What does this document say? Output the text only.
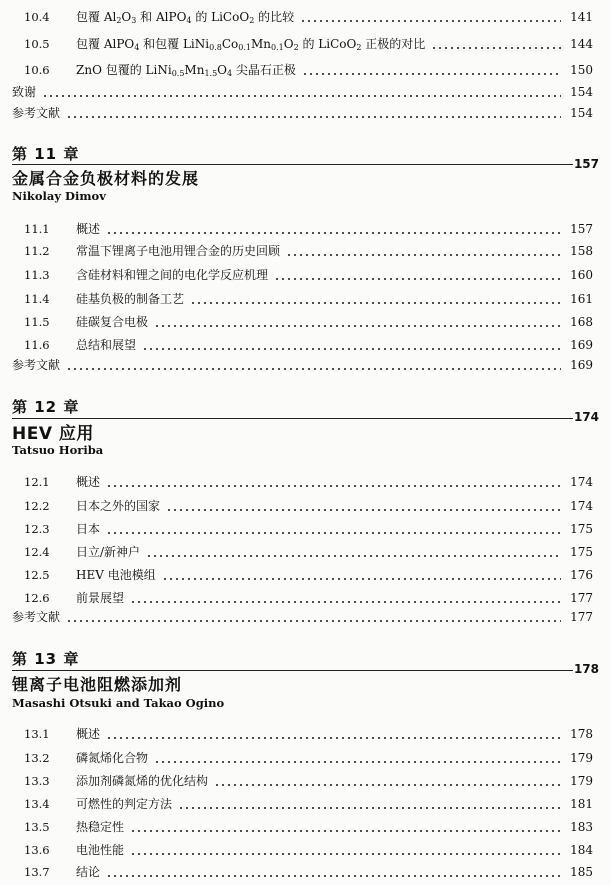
10.4	包覆 $Al_2O_3$ 和 AlPO$_4$ 的 LiCoO$_2$ 的比较	141
10.5	包覆 AlPO$_4$ 和包覆 $LiNi_{0.8}Co_{0.1}Mn_{0.1}O_2$ 的 LiCoO$_2$ 正极的对比	144
10.6	ZnO 包覆的 $LiNi_{0.5}Mn_{1.5}O_4$ 尖晶石正极	150
致谢	154
参考文献	154
第 11 章
157
金属合金负极材料的发展
Nikolay Dimov
11.1	概述	157
11.2	常温下锂离子电池用锂合金的历史回顾	158
11.3	含硅材料和锂之间的电化学反应机理	160
11.4	硅基负极的制备工艺	161
11.5	硅碳复合电极	168
11.6	总结和展望	169
参考文献	169
第 12 章
174
HEV 应用
Tatsuo Horiba
12.1	概述	174
12.2	日本之外的国家	174
12.3	日本	175
12.4	日立/新神户	175
12.5	HEV 电池模组	176
12.6	前景展望	177
参考文献	177
第 13 章
178
锂离子电池阻燃添加剂
Masashi Otsuki and Takao Ogino
13.1	概述	178
13.2	磷氮烯化合物	179
13.3	添加剂磷氮烯的优化结构	179
13.4	可燃性的判定方法	181
13.5	热稳定性	183
13.6	电池性能	184
13.7	结论	185
